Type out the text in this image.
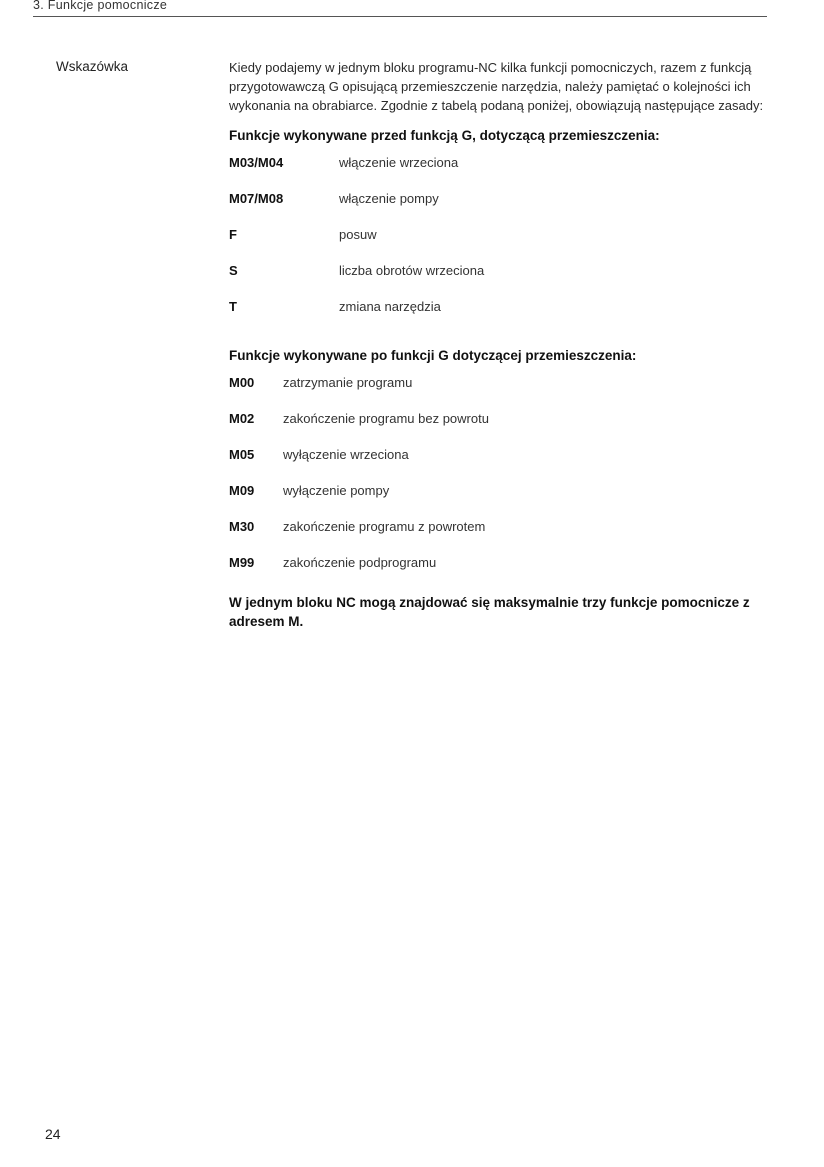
3. Funkcje pomocnicze
Wskazówka	Kiedy podajemy w jednym bloku programu-NC kilka funkcji pomocniczych, razem z funkcją przygotowawczą G opisującą przemieszczenie narzędzia, należy pamiętać o kolejności ich wykonania na obrabiarce. Zgodnie z tabelą podaną poniżej, obowiązują następujące zasady:

Funkcje wykonywane przed funkcją G, dotyczącą przemieszczenia:

M03/M04	włączenie wrzeciona
M07/M08	włączenie pompy
F	posuw
S	liczba obrotów wrzeciona
T	zmiana narzędzia

Funkcje wykonywane po funkcji G dotyczącej przemieszczenia:

M00	zatrzymanie programu
M02	zakończenie programu bez powrotu
M05	wyłączenie wrzeciona
M09	wyłączenie pompy
M30	zakończenie programu z powrotem
M99	zakończenie podprogramu

W jednym bloku NC mogą znajdować się maksymalnie trzy funkcje pomocnicze z adresem M.

24
